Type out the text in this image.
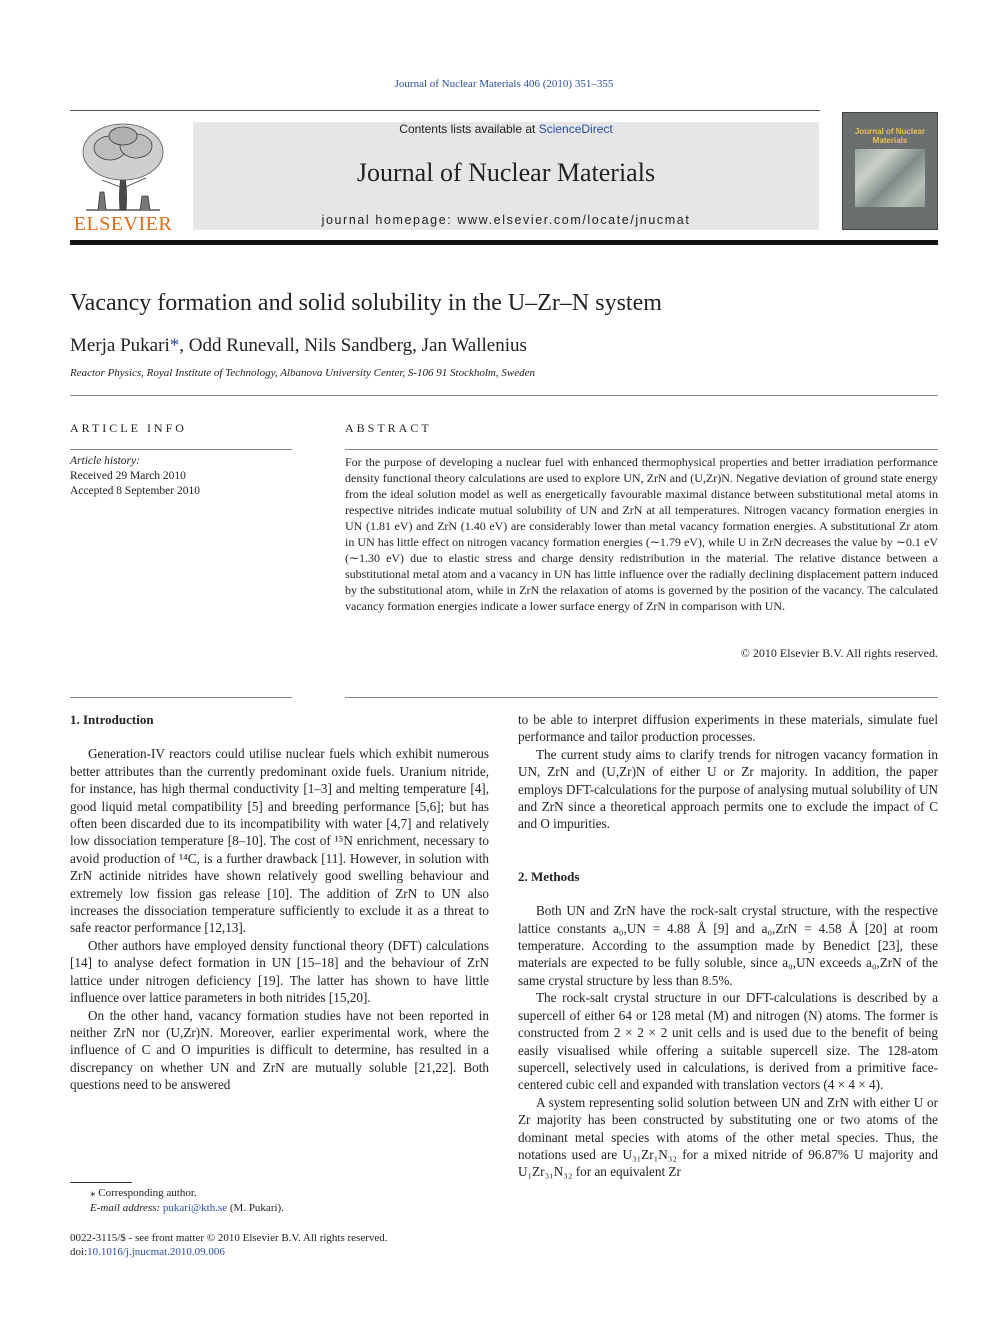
Journal of Nuclear Materials 406 (2010) 351–355
ELSEVIER
Contents lists available at ScienceDirect
Journal of Nuclear Materials
journal homepage: www.elsevier.com/locate/jnucmat
Journal of Nuclear Materials
Vacancy formation and solid solubility in the U–Zr–N system
Merja Pukari*, Odd Runevall, Nils Sandberg, Jan Wallenius
Reactor Physics, Royal Institute of Technology, Albanova University Center, S-106 91 Stockholm, Sweden
ARTICLE INFO	ABSTRACT
Article history:
Received 29 March 2010
Accepted 8 September 2010
For the purpose of developing a nuclear fuel with enhanced thermophysical properties and better irradiation performance density functional theory calculations are used to explore UN, ZrN and (U,Zr)N. Negative deviation of ground state energy from the ideal solution model as well as energetically favourable maximal distance between substitutional metal atoms in respective nitrides indicate mutual solubility of UN and ZrN at all temperatures. Nitrogen vacancy formation energies in UN (1.81 eV) and ZrN (1.40 eV) are considerably lower than metal vacancy formation energies. A substitutional Zr atom in UN has little effect on nitrogen vacancy formation energies (∼1.79 eV), while U in ZrN decreases the value by ∼0.1 eV (∼1.30 eV) due to elastic stress and charge density redistribution in the material. The relative distance between a substitutional metal atom and a vacancy in UN has little influence over the radially declining displacement pattern induced by the substitutional atom, while in ZrN the relaxation of atoms is governed by the position of the vacancy. The calculated vacancy formation energies indicate a lower surface energy of ZrN in comparison with UN.
© 2010 Elsevier B.V. All rights reserved.
1. Introduction

Generation-IV reactors could utilise nuclear fuels which exhibit numerous better attributes than the currently predominant oxide fuels. Uranium nitride, for instance, has high thermal conductivity [1–3] and melting temperature [4], good liquid metal compatibility [5] and breeding performance [5,6]; but has often been discarded due to its incompatibility with water [4,7] and relatively low dissociation temperature [8–10]. The cost of ¹⁵N enrichment, necessary to avoid production of ¹⁴C, is a further drawback [11]. However, in solution with ZrN actinide nitrides have shown relatively good swelling behaviour and extremely low fission gas release [10]. The addition of ZrN to UN also increases the dissociation temperature sufficiently to exclude it as a threat to safe reactor performance [12,13].

Other authors have employed density functional theory (DFT) calculations [14] to analyse defect formation in UN [15–18] and the behaviour of ZrN lattice under nitrogen deficiency [19]. The latter has shown to have little influence over lattice parameters in both nitrides [15,20].

On the other hand, vacancy formation studies have not been reported in neither ZrN nor (U,Zr)N. Moreover, earlier experimental work, where the influence of C and O impurities is difficult to determine, has resulted in a discrepancy on whether UN and ZrN are mutually soluble [21,22]. Both questions need to be answered

to be able to interpret diffusion experiments in these materials, simulate fuel performance and tailor production processes.

The current study aims to clarify trends for nitrogen vacancy formation in UN, ZrN and (U,Zr)N of either U or Zr majority. In addition, the paper employs DFT-calculations for the purpose of analysing mutual solubility of UN and ZrN since a theoretical approach permits one to exclude the impact of C and O impurities.

2. Methods

Both UN and ZrN have the rock-salt crystal structure, with the respective lattice constants a₀,UN = 4.88 Å [9] and a₀,ZrN = 4.58 Å [20] at room temperature. According to the assumption made by Benedict [23], these materials are expected to be fully soluble, since a₀,UN exceeds a₀,ZrN of the same crystal structure by less than 8.5%.

The rock-salt crystal structure in our DFT-calculations is described by a supercell of either 64 or 128 metal (M) and nitrogen (N) atoms. The former is constructed from 2 × 2 × 2 unit cells and is used due to the benefit of being easily visualised while offering a suitable supercell size. The 128-atom supercell, selectively used in calculations, is derived from a primitive face-centered cubic cell and expanded with translation vectors (4 × 4 × 4).

A system representing solid solution between UN and ZrN with either U or Zr majority has been constructed by substituting one or two atoms of the dominant metal species with atoms of the other metal species. Thus, the notations used are U₃₁Zr₁N₃₂ for a mixed nitride of 96.87% U majority and U₁Zr₃₁N₃₂ for an equivalent Zr

⁎ Corresponding author.
E-mail address: pukari@kth.se (M. Pukari).
0022-3115/$ - see front matter © 2010 Elsevier B.V. All rights reserved.
doi:10.1016/j.jnucmat.2010.09.006
